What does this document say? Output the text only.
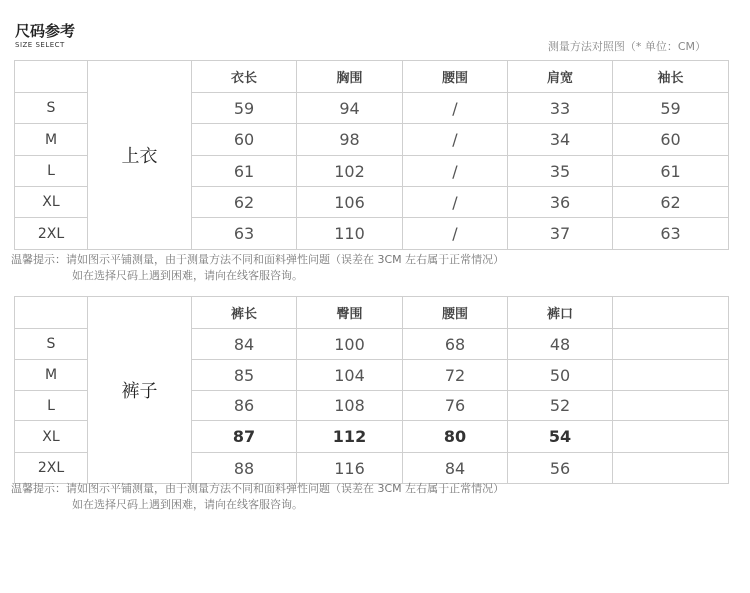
尺码参考
SIZE SELECT	测量方法对照图（* 单位：CM）
	上衣	衣长	胸围	腰围	肩宽	袖长
S		59	94	/	33	59
M		60	98	/	34	60
L		61	102	/	35	61
XL		62	106	/	36	62
2XL		63	110	/	37	63
温馨提示：请如图示平铺测量，由于测量方法不同和面料弹性问题（误差在 3CM 左右属于正常情况）
如在选择尺码上遇到困难，请向在线客服咨询。
	裤子	裤长	臀围	腰围	裤口	
S		84	100	68	48	
M		85	104	72	50	
L		86	108	76	52	
XL		87	112	80	54	
2XL		88	116	84	56	
温馨提示：请如图示平铺测量，由于测量方法不同和面料弹性问题（误差在 3CM 左右属于正常情况）
如在选择尺码上遇到困难，请向在线客服咨询。
